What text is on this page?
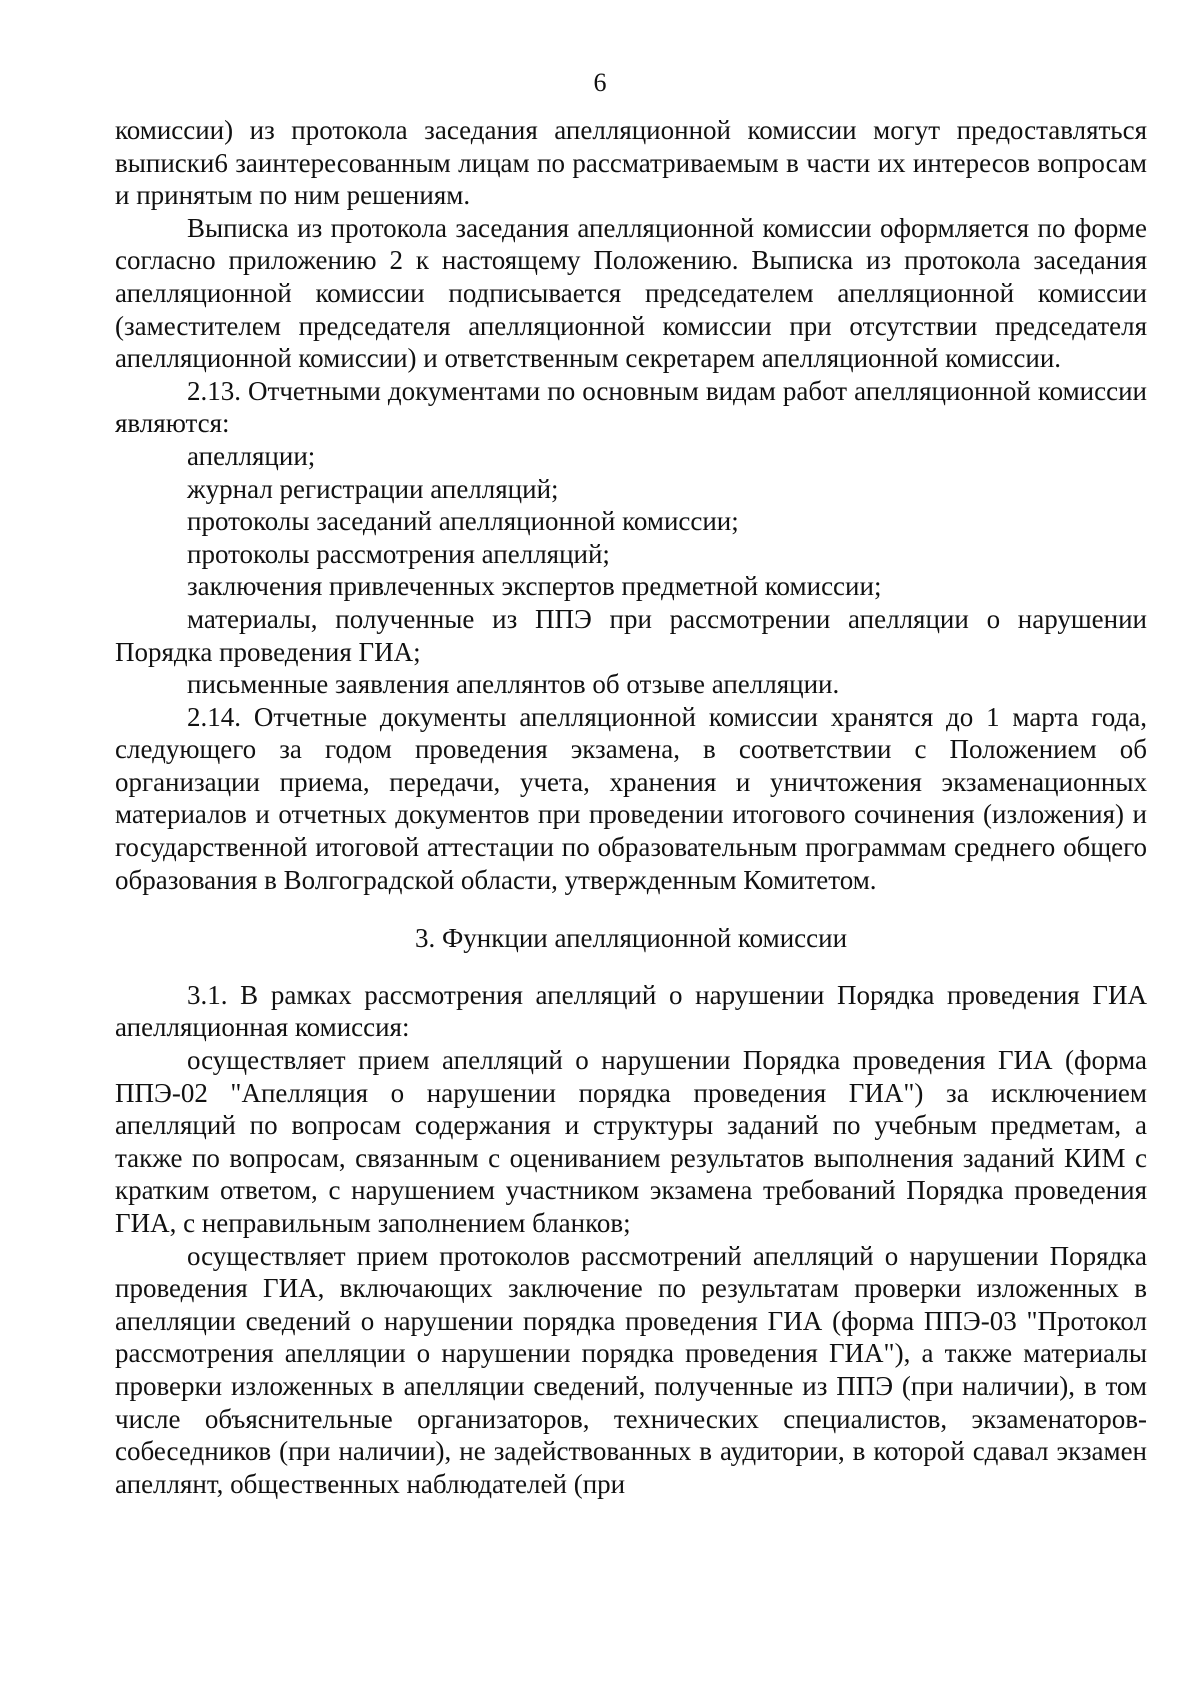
6

комиссии) из протокола заседания апелляционной комиссии могут предоставляться выписки6 заинтересованным лицам по рассматриваемым в части их интересов вопросам и принятым по ним решениям.

Выписка из протокола заседания апелляционной комиссии оформляется по форме согласно приложению 2 к настоящему Положению. Выписка из протокола заседания апелляционной комиссии подписывается председателем апелляционной комиссии (заместителем председателя апелляционной комиссии при отсутствии председателя апелляционной комиссии) и ответственным секретарем апелляционной комиссии.

2.13. Отчетными документами по основным видам работ апелляционной комиссии являются:

апелляции;

журнал регистрации апелляций;

протоколы заседаний апелляционной комиссии;

протоколы рассмотрения апелляций;

заключения привлеченных экспертов предметной комиссии;

материалы, полученные из ППЭ при рассмотрении апелляции о нарушении Порядка проведения ГИА;

письменные заявления апеллянтов об отзыве апелляции.

2.14. Отчетные документы апелляционной комиссии хранятся до 1 марта года, следующего за годом проведения экзамена, в соответствии с Положением об организации приема, передачи, учета, хранения и уничтожения экзаменационных материалов и отчетных документов при проведении итогового сочинения (изложения) и государственной итоговой аттестации по образовательным программам среднего общего образования в Волгоградской области, утвержденным Комитетом.

3. Функции апелляционной комиссии

3.1. В рамках рассмотрения апелляций о нарушении Порядка проведения ГИА апелляционная комиссия:

осуществляет прием апелляций о нарушении Порядка проведения ГИА (форма ППЭ-02 "Апелляция о нарушении порядка проведения ГИА") за исключением апелляций по вопросам содержания и структуры заданий по учебным предметам, а также по вопросам, связанным с оцениванием результатов выполнения заданий КИМ с кратким ответом, с нарушением участником экзамена требований Порядка проведения ГИА, с неправильным заполнением бланков;

осуществляет прием протоколов рассмотрений апелляций о нарушении Порядка проведения ГИА, включающих заключение по результатам проверки изложенных в апелляции сведений о нарушении порядка проведения ГИА (форма ППЭ-03 "Протокол рассмотрения апелляции о нарушении порядка проведения ГИА"), а также материалы проверки изложенных в апелляции сведений, полученные из ППЭ (при наличии), в том числе объяснительные организаторов, технических специалистов, экзаменаторов-собеседников (при наличии), не задействованных в аудитории, в которой сдавал экзамен апеллянт, общественных наблюдателей (при
